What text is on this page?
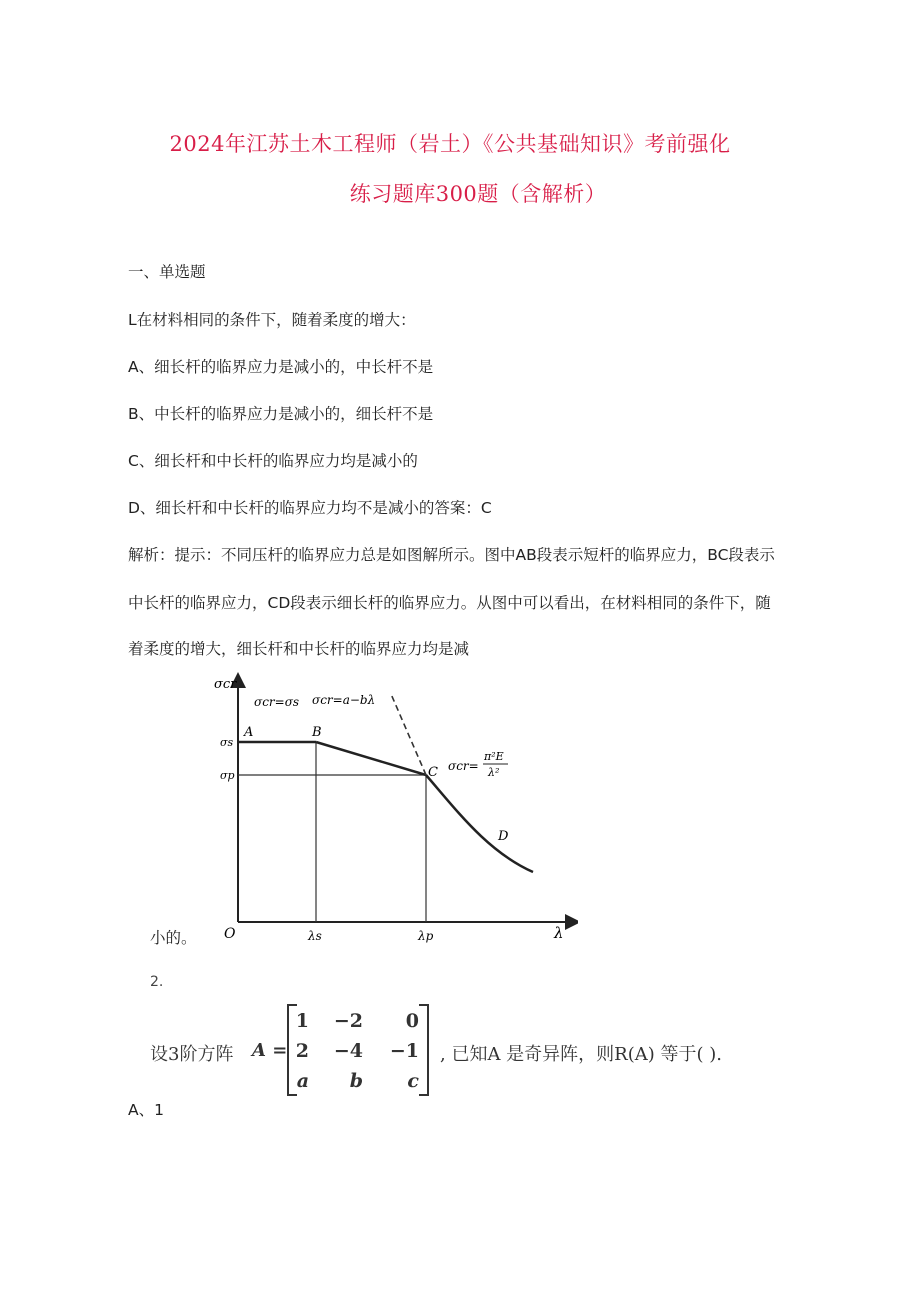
2024年江苏土木工程师（岩土）《公共基础知识》考前强化
练习题库300题（含解析）
一、单选题
L在材料相同的条件下，随着柔度的增大：
A、细长杆的临界应力是减小的，中长杆不是
B、中长杆的临界应力是减小的，细长杆不是
C、细长杆和中长杆的临界应力均是减小的
D、细长杆和中长杆的临界应力均不是减小的答案：C
解析：提示：不同压杆的临界应力总是如图解所示。图中AB段表示短杆的临界应力，BC段表示
中长杆的临界应力，CD段表示细长杆的临界应力。从图中可以看出，在材料相同的条件下，随
着柔度的增大，细长杆和中长杆的临界应力均是减
σcr
λ
O
A	B
C
D
σs
σp
λs	λp
σcr=σs σcr=a−bλ
σcr=
π²E
λ²
小的。
2.
设3阶方阵 A =
1	−2	0
2	−4	−1
a	b	c
, 已知A 是奇异阵，则R(A) 等于( ).
A、1
